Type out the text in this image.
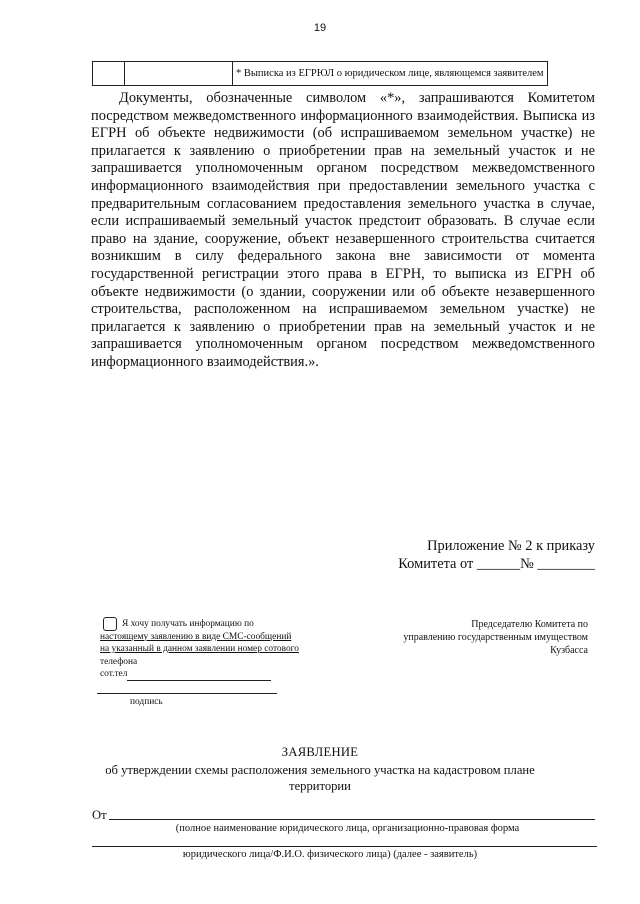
19
		* Выписка из ЕГРЮЛ о юридическом лице, являющемся заявителем

Документы, обозначенные символом «*», запрашиваются Комитетом посредством межведомственного информационного взаимодействия. Выписка из ЕГРН об объекте недвижимости (об испрашиваемом земельном участке) не прилагается к заявлению о приобретении прав на земельный участок и не запрашивается уполномоченным органом посредством межведомственного информационного взаимодействия при предоставлении земельного участка с предварительным согласованием предоставления земельного участка в случае, если испрашиваемый земельный участок предстоит образовать. В случае если право на здание, сооружение, объект незавершенного строительства считается возникшим в силу федерального закона вне зависимости от момента государственной регистрации этого права в ЕГРН, то выписка из ЕГРН об объекте недвижимости (о здании, сооружении или об объекте незавершенного строительства, расположенном на испрашиваемом земельном участке) не прилагается к заявлению о приобретении прав на земельный участок и не запрашивается уполномоченным органом посредством межведомственного информационного взаимодействия.».

Приложение № 2 к приказу
Комитета от ______№ ________
Я хочу получать информацию по
настоящему заявлению в виде СМС-сообщений
на указанный в данном заявлении номер сотового
телефона
сот.тел
подпись
Председателю Комитета по
управлению государственным имуществом
Кузбасса
ЗАЯВЛЕНИЕ
об утверждении схемы расположения земельного участка на кадастровом плане территории
От
(полное наименование юридического лица, организационно-правовая форма
юридического лица/Ф.И.О. физического лица) (далее - заявитель)
